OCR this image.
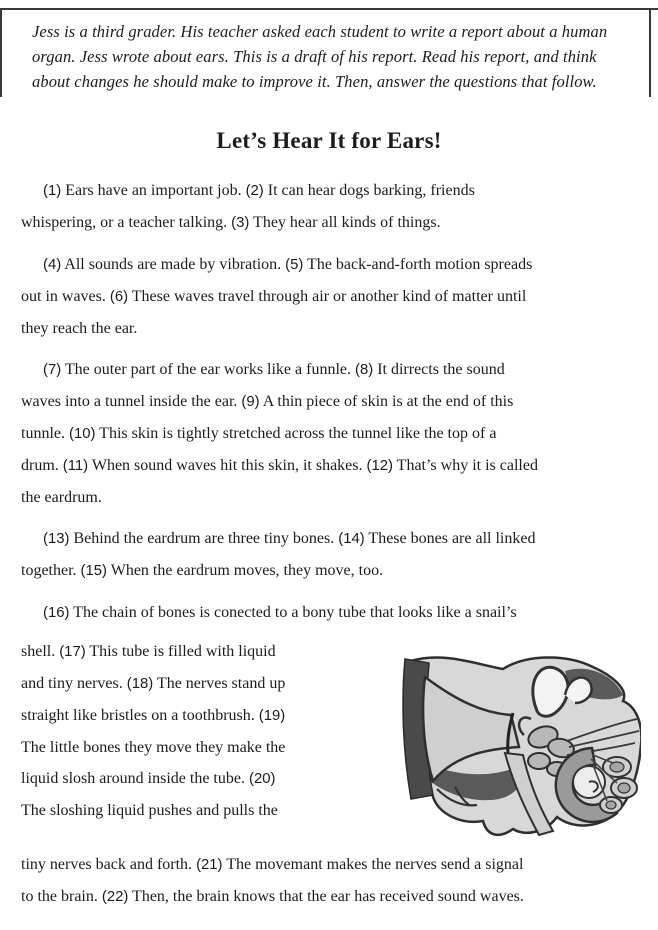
Jess is a third grader. His teacher asked each student to write a report about a human
organ. Jess wrote about ears. This is a draft of his report. Read his report, and think
about changes he should make to improve it. Then, answer the questions that follow.
Let’s Hear It for Ears!
(1) Ears have an important job. (2) It can hear dogs barking, friends
whispering, or a teacher talking. (3) They hear all kinds of things.
(4) All sounds are made by vibration. (5) The back-and-forth motion spreads
out in waves. (6) These waves travel through air or another kind of matter until
they reach the ear.
(7) The outer part of the ear works like a funnle. (8) It dirrects the sound
waves into a tunnel inside the ear. (9) A thin piece of skin is at the end of this
tunnle. (10) This skin is tightly stretched across the tunnel like the top of a
drum. (11) When sound waves hit this skin, it shakes. (12) That’s why it is called
the eardrum.
(13) Behind the eardrum are three tiny bones. (14) These bones are all linked
together. (15) When the eardrum moves, they move, too.
(16) The chain of bones is conected to a bony tube that looks like a snail’s
shell. (17) This tube is filled with liquid
and tiny nerves. (18) The nerves stand up
straight like bristles on a toothbrush. (19)
The little bones they move they make the
liquid slosh around inside the tube. (20)
The sloshing liquid pushes and pulls the
tiny nerves back and forth. (21) The movemant makes the nerves send a signal
to the brain. (22) Then, the brain knows that the ear has received sound waves.
